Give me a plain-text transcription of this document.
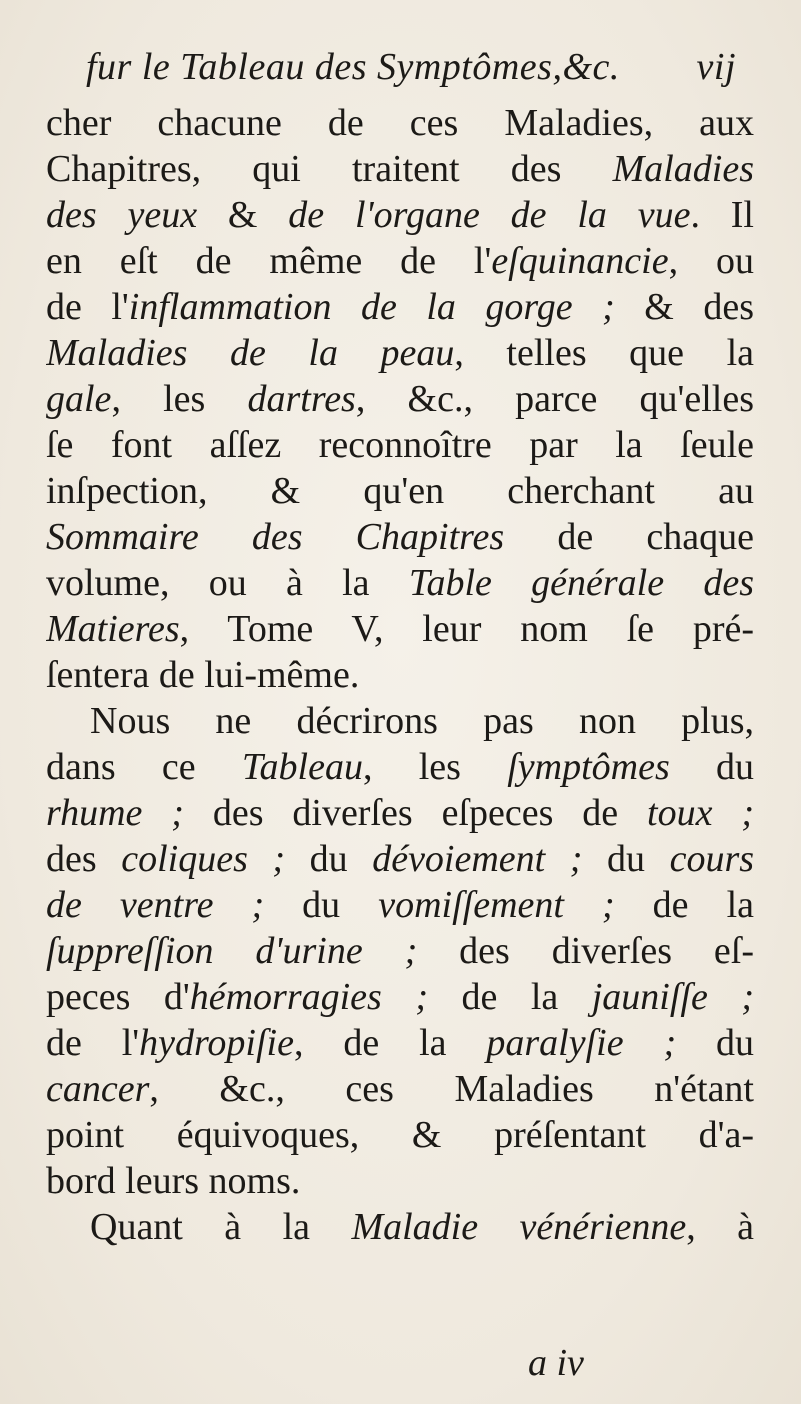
fur le Tableau des Symptômes,&c. vij
cher chacune de ces Maladies, aux
Chapitres, qui traitent des Maladies
des yeux & de l'organe de la vue. Il
en eſt de même de l'eſquinancie, ou
de l'inflammation de la gorge ; & des
Maladies de la peau, telles que la
gale, les dartres, &c., parce qu'elles
ſe font aſſez reconnoître par la ſeule
inſpection, & qu'en cherchant au
Sommaire des Chapitres de chaque
volume, ou à la Table générale des
Matieres, Tome V, leur nom ſe pré-
ſentera de lui-même.
Nous ne décrirons pas non plus,
dans ce Tableau, les ſymptômes du
rhume ; des diverſes eſpeces de toux ;
des coliques ; du dévoiement ; du cours
de ventre ; du vomiſſement ; de la
ſuppreſſion d'urine ; des diverſes eſ-
peces d'hémorragies ; de la jauniſſe ;
de l'hydropiſie, de la paralyſie ; du
cancer, &c., ces Maladies n'étant
point équivoques, & préſentant d'a-
bord leurs noms.
Quant à la Maladie vénérienne, à
a iv
